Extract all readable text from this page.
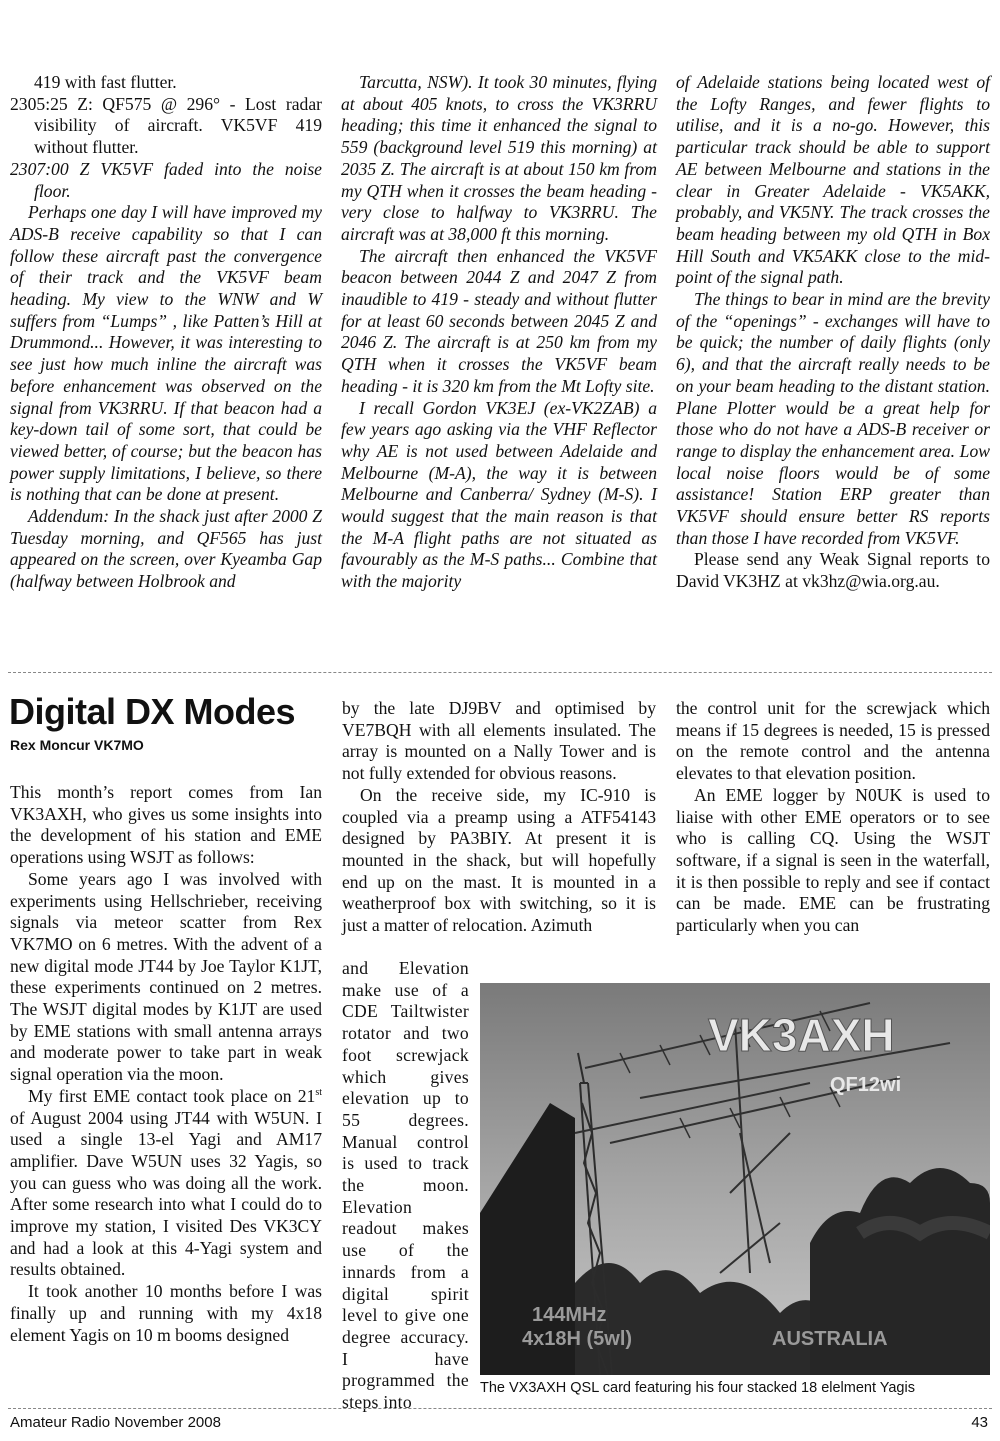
419 with fast flutter.

2305:25 Z: QF575 @ 296° - Lost radar visibility of aircraft. VK5VF 419 without flutter.

2307:00 Z VK5VF faded into the noise floor.

Perhaps one day I will have improved my ADS-B receive capability so that I can follow these aircraft past the convergence of their track and the VK5VF beam heading. My view to the WNW and W suffers from “Lumps” , like Patten’s Hill at Drummond... However, it was interesting to see just how much inline the aircraft was before enhancement was observed on the signal from VK3RRU. If that beacon had a key-down tail of some sort, that could be viewed better, of course; but the beacon has power supply limitations, I believe, so there is nothing that can be done at present.

Addendum: In the shack just after 2000 Z Tuesday morning, and QF565 has just appeared on the screen, over Kyeamba Gap (halfway between Holbrook and

Tarcutta, NSW). It took 30 minutes, flying at about 405 knots, to cross the VK3RRU heading; this time it enhanced the signal to 559 (background level 519 this morning) at 2035 Z. The aircraft is at about 150 km from my QTH when it crosses the beam heading - very close to halfway to VK3RRU. The aircraft was at 38,000 ft this morning.

The aircraft then enhanced the VK5VF beacon between 2044 Z and 2047 Z from inaudible to 419 - steady and without flutter for at least 60 seconds between 2045 Z and 2046 Z. The aircraft is at 250 km from my QTH when it crosses the VK5VF beam heading - it is 320 km from the Mt Lofty site.

I recall Gordon VK3EJ (ex-VK2ZAB) a few years ago asking via the VHF Reflector why AE is not used between Adelaide and Melbourne (M-A), the way it is between Melbourne and Canberra/ Sydney (M-S). I would suggest that the main reason is that the M-A flight paths are not situated as favourably as the M-S paths... Combine that with the majority

of Adelaide stations being located west of the Lofty Ranges, and fewer flights to utilise, and it is a no-go. However, this particular track should be able to support AE between Melbourne and stations in the clear in Greater Adelaide - VK5AKK, probably, and VK5NY. The track crosses the beam heading between my old QTH in Box Hill South and VK5AKK close to the mid-point of the signal path.

The things to bear in mind are the brevity of the “openings” - exchanges will have to be quick; the number of daily flights (only 6), and that the aircraft really needs to be on your beam heading to the distant station. Plane Plotter would be a great help for those who do not have a ADS-B receiver or range to display the enhancement area. Low local noise floors would be of some assistance! Station ERP greater than VK5VF should ensure better RS reports than those I have recorded from VK5VF.

Please send any Weak Signal reports to David VK3HZ at vk3hz@wia.org.au.

Digital DX Modes
Rex Moncur VK7MO

This month’s report comes from Ian VK3AXH, who gives us some insights into the development of his station and EME operations using WSJT as follows:

Some years ago I was involved with experiments using Hellschrieber, receiving signals via meteor scatter from Rex VK7MO on 6 metres. With the advent of a new digital mode JT44 by Joe Taylor K1JT, these experiments continued on 2 metres. The WSJT digital modes by K1JT are used by EME stations with small antenna arrays and moderate power to take part in weak signal operation via the moon.

My first EME contact took place on 21st of August 2004 using JT44 with W5UN. I used a single 13-el Yagi and AM17 amplifier. Dave W5UN uses 32 Yagis, so you can guess who was doing all the work. After some research into what I could do to improve my station, I visited Des VK3CY and had a look at this 4-Yagi system and results obtained.

It took another 10 months before I was finally up and running with my 4x18 element Yagis on 10 m booms designed

by the late DJ9BV and optimised by VE7BQH with all elements insulated. The array is mounted on a Nally Tower and is not fully extended for obvious reasons.

On the receive side, my IC-910 is coupled via a preamp using a ATF54143 designed by PA3BIY. At present it is mounted in the shack, but will hopefully end up on the mast. It is mounted in a weatherproof box with switching, so it is just a matter of relocation. Azimuth

and Elevation make use of a CDE Tailtwister rotator and two foot screwjack which gives elevation up to 55 degrees. Manual control is used to track the moon. Elevation readout makes use of the innards from a digital spirit level to give one degree accuracy. I have programmed the steps into

the control unit for the screwjack which means if 15 degrees is needed, 15 is pressed on the remote control and the antenna elevates to that elevation position.

An EME logger by N0UK is used to liaise with other EME operators or to see who is calling CQ. Using the WSJT software, if a signal is seen in the waterfall, it is then possible to reply and see if contact can be made. EME can be frustrating particularly when you can

VK3AXH
QF12wi
144MHz
4x18H (5wl)	AUSTRALIA
The VX3AXH QSL card featuring his four stacked 18 elelment Yagis
Amateur Radio November 2008	43
